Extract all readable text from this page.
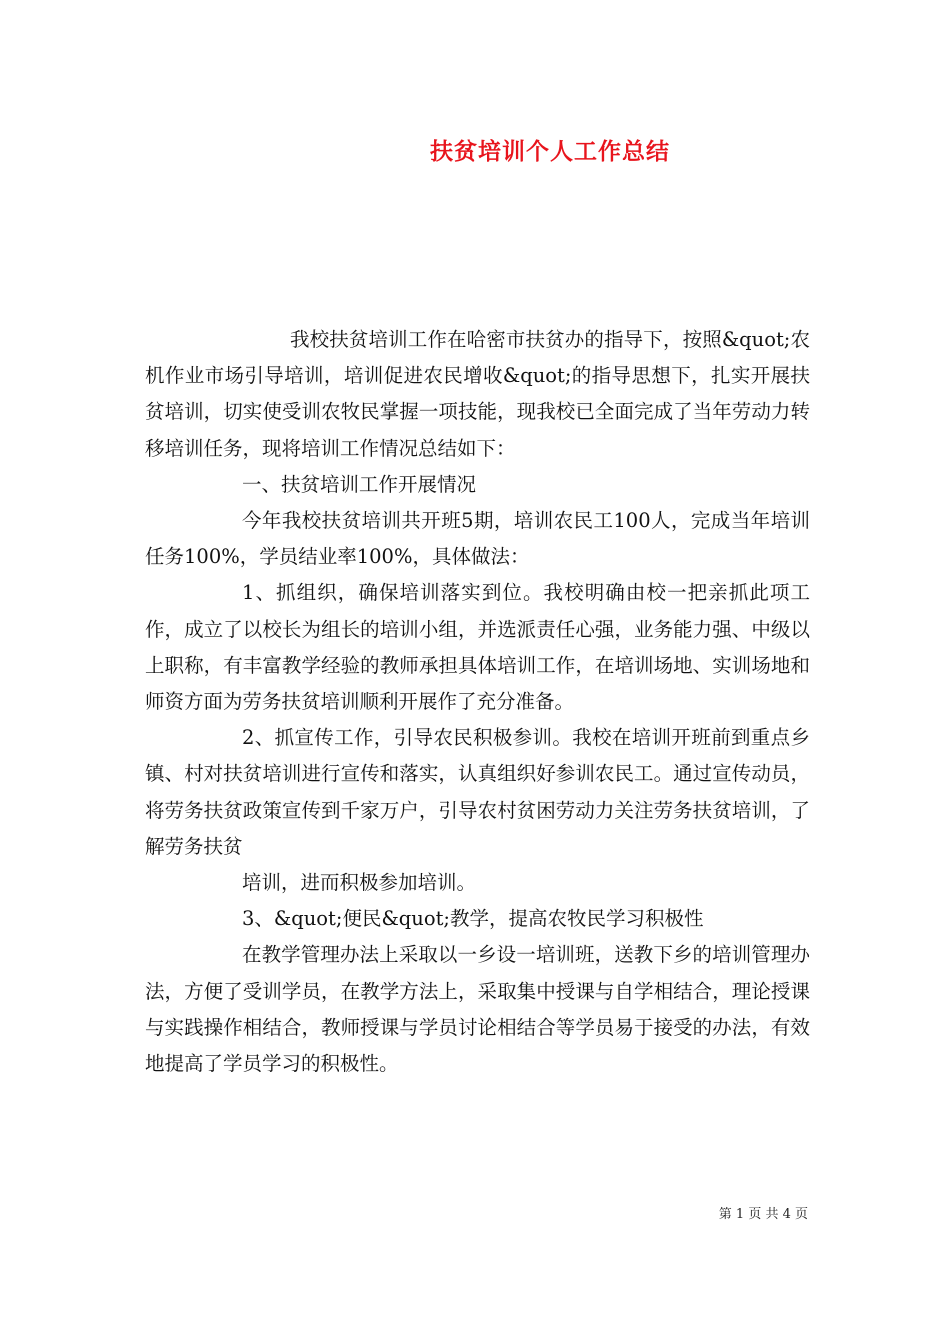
扶贫培训个人工作总结

我校扶贫培训工作在哈密市扶贫办的指导下，按照&quot;农机作业市场引导培训，培训促进农民增收&quot;的指导思想下，扎实开展扶贫培训，切实使受训农牧民掌握一项技能，现我校已全面完成了当年劳动力转移培训任务，现将培训工作情况总结如下：

一、扶贫培训工作开展情况

今年我校扶贫培训共开班5期，培训农民工100人，完成当年培训任务100%，学员结业率100%，具体做法：

1、抓组织，确保培训落实到位。我校明确由校一把亲抓此项工作，成立了以校长为组长的培训小组，并选派责任心强，业务能力强、中级以上职称，有丰富教学经验的教师承担具体培训工作，在培训场地、实训场地和师资方面为劳务扶贫培训顺利开展作了充分准备。

2、抓宣传工作，引导农民积极参训。我校在培训开班前到重点乡镇、村对扶贫培训进行宣传和落实，认真组织好参训农民工。通过宣传动员，将劳务扶贫政策宣传到千家万户，引导农村贫困劳动力关注劳务扶贫培训，了解劳务扶贫

培训，进而积极参加培训。

3、&quot;便民&quot;教学，提高农牧民学习积极性

在教学管理办法上采取以一乡设一培训班，送教下乡的培训管理办法，方便了受训学员，在教学方法上，采取集中授课与自学相结合，理论授课与实践操作相结合，教师授课与学员讨论相结合等学员易于接受的办法，有效地提高了学员学习的积极性。

第 1 页 共 4 页
